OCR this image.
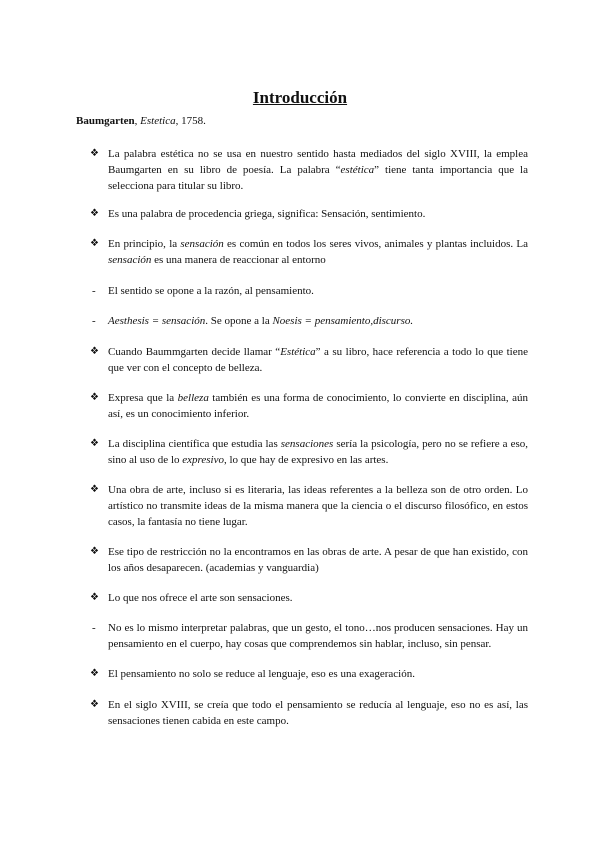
Introducción
Baumgarten, Estetica, 1758.
❖ La palabra estética no se usa en nuestro sentido hasta mediados del siglo XVIII, la emplea Baumgarten en su libro de poesía. La palabra “estética” tiene tanta importancia que la selecciona para titular su libro.
❖ Es una palabra de procedencia griega, significa: Sensación, sentimiento.
❖ En principio, la sensación es común en todos los seres vivos, animales y plantas incluidos. La sensación es una manera de reaccionar al entorno
-	El sentido se opone a la razón, al pensamiento.
-	Aesthesis = sensación. Se opone a la Noesis = pensamiento,discurso.
❖ Cuando Baummgarten decide llamar “Estética” a su libro, hace referencia a todo lo que tiene que ver con el concepto de belleza.
❖ Expresa que la belleza también es una forma de conocimiento, lo convierte en disciplina, aún así, es un conocimiento inferior.
❖ La disciplina científica que estudia las sensaciones sería la psicología, pero no se refiere a eso, sino al uso de lo expresivo, lo que hay de expresivo en las artes.
❖ Una obra de arte, incluso si es literaria, las ideas referentes a la belleza son de otro orden. Lo artístico no transmite ideas de la misma manera que la ciencia o el discurso filosófico, en estos casos, la fantasía no tiene lugar.
❖ Ese tipo de restricción no la encontramos en las obras de arte. A pesar de que han existido, con los años desaparecen. (academias y vanguardia)
❖ Lo que nos ofrece el arte son sensaciones.
-	No es lo mismo interpretar palabras, que un gesto, el tono…nos producen sensaciones. Hay un pensamiento en el cuerpo, hay cosas que comprendemos sin hablar, incluso, sin pensar.
❖ El pensamiento no solo se reduce al lenguaje, eso es una exageración.
❖ En el siglo XVIII, se creía que todo el pensamiento se reducía al lenguaje, eso no es así, las sensaciones tienen cabida en este campo.
